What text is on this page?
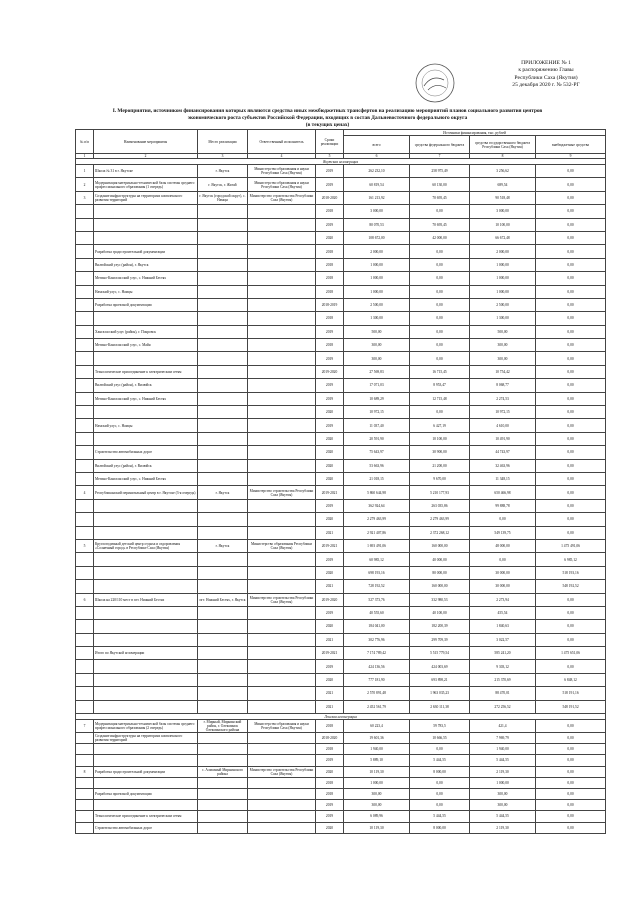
ПРИЛОЖЕНИЕ № 1
к распоряжению Главы
Республики Саха (Якутия)
25 декабря 2020 г. № 532-РГ
I. Мероприятия, источником финансирования которых являются средства иных межбюджетных трансфертов на реализацию мероприятий планов социального развития центров
экономического роста субъектов Российской Федерации, входящих в состав Дальневосточного федерального округа
(в текущих ценах)
№ п/п	Наименование мероприятия	Место реализации	Ответственный исполнитель	Сроки реализации	Источники финансирования, тыс. рублей			
					всего	средства федерального бюджета	средства государственного бюджета Республики Саха (Якутия)	внебюджетные средства
1	2	3	4	5	6	7	8	9
Якутская агломерация								
1	Школа № 31 в г. Якутске	г. Якутск	Министерство образования и науки Республики Саха (Якутия)	2019	262 232,10	258 975,49	3 256,62	0,00
2	Модернизация материально-технической базы системы среднего профессионального образования (1 очередь)	г. Якутск, г. Жатай	Министерство образования и науки Республики Саха (Якутия)	2019	60 819,54	60 130,00	689,54	0,00
3	Создание инфраструктуры на территориях комплексного развития территорий	г. Якутск (городской округ), с. Намцы	Министерство строительства Республики Саха (Якутия)	2018-2020	161 213,92	70 695,45	90 518,48	0,00
				2018	3 000,00	0,00	3 000,00	0,00
				2019	80 070,53	70 695,45	10 100,00	0,00
				2020	108 672,00	42 000,00	66 672,48	0,00
	Разработка градостроительной документации			2018	2 000,00	0,00	2 000,00	0,00
	Вилюйский улус (район), г. Якутск			2018	1 000,00	0,00	1 000,00	0,00
	Мегино-Кангаласский улус, с. Нижний Бестях			2018	1 000,00	0,00	1 000,00	0,00
	Намский улус, с. Намцы			2018	1 000,00	0,00	1 000,00	0,00
	Разработка проектной документации			2018-2019	2 500,00	0,00	2 500,00	0,00
				2018	1 300,00	0,00	1 300,00	0,00
	Хангаласский улус (район), г. Покровск			2019	500,00	0,00	500,00	0,00
	Мегино-Кангаласский улус, с. Майя			2018	300,00	0,00	300,00	0,00
				2019	300,00	0,00	300,00	0,00
	Технологическое присоединение к электрическим сетям			2019-2020	27 569,83	16 715,45	10 754,42	0,00
	Вилюйский улус (район), г. Вилюйск			2019	17 071,03	8 953,47	8 068,77	0,00
	Мегино-Кангаласский улус, с. Нижний Бестях			2019	10 689,29	12 715,48	2 274,53	0,00
				2020	10 972,15	0,00	10 972,15	0,00
	Намский улус, с. Намцы			2019	11 037,40	6 427,19	4 610,00	0,00
				2020	20 591,90	10 100,00	10 491,90	0,00
	Строительство автомобильных дорог			2020	75 643,97	30 900,00	44 743,97	0,00
	Вилюйский улус (район), г. Вилюйск			2020	53 663,96	21 200,00	32 463,96	0,00
	Мегино-Кангаласский улус, с. Нижний Бестях			2020	21 018,15	9 670,00	11 348,15	0,00
4	Республиканский перинатальный центр в г. Якутске (3-я очередь)	г. Якутск	Министерство строительства Республики Саха (Якутия)	2019-2021	5 860 644,98	5 210 177,93	650 466,98	0,00
				2019	362 924,64	263 035,86	99 888,78	0,00
				2020	2 279 463,99	2 279 463,99	0,00	0,00
				2021	2 921 407,86	2 372 268,12	549 139,75	0,00
5	Круглогодичный детский центр отдыха и оздоровления «Солнечный город» в Республике Саха (Якутия)	г. Якутск	Министерство образования Республики Саха (Якутия)	2019-2021	1 693 491,06	160 000,00	48 000,00	1 475 491,06
				2019	60 985,12	40 000,00	0,00	6 985,12
				2020	698 193,16	80 000,00	30 000,00	518 193,16
				2021	728 192,52	160 000,00	30 000,00	548 192,52
6	Школа на 220/110 мест в пгт. Нижний Бестях	пгт. Нижний Бестях, г. Якутск	Министерство строительства Республики Саха (Якутия)	2019-2020	527 373,76	332 980,53	2 273,94	0,00
				2019	40 555,60	40 100,00	455,54	0,00
				2020	184 041,00	182 200,39	1 840,63	0,00
				2021	302 776,96	299 709,39	3 022,57	0,00
	Итого по Якутской агломерации			2019-2021	7 174 789,42	5 515 779,54	585 241,20	1 475 651,06
				2019	424 136,56	424 003,69	9 303,12	0,00
				2020	777 181,90	693 898,21	215 370,69	6 848,12
				2021	2 570 891,48	1 963 035,23	88 470,01	518 191,16
				2021	2 452 561,79	2 630 111,38	272 256,52	548 191,52
Ленская агломерация								
7	Модернизация материально-технической базы системы среднего профессионального образования (2 очередь)	г. Мирный, Мирнинский район, г. Олекминск Олекминского района	Министерство образования и науки Республики Саха (Якутия)	2018	60 223,4	59 783,5	421,4	0,00
	Создание инфраструктуры на территориях комплексного развития территорий			2018-2020	19 601,36	10 666,55	7 969,79	0,00
				2018	1 940,00	0,00	1 940,00	0,00
				2019	5 889,10	5 444,55	5 444,55	0,00
8	Разработка градостроительной документации	с. Алмазный Мирнинского района	Министерство строительства Республики Саха (Якутия)	2020	10 119,30	8 000,00	2 119,30	0,00
				2018	1 000,00	0,00	1 000,00	0,00
	Разработка проектной документации			2018	300,00	0,00	300,00	0,00
				2019	300,00	0,00	300,00	0,00
	Технологическое присоединение к электрическим сетям			2019	6 089,96	5 444,55	5 444,55	0,00
	Строительство автомобильных дорог			2020	10 119,30	8 000,00	2 119,30	0,00
